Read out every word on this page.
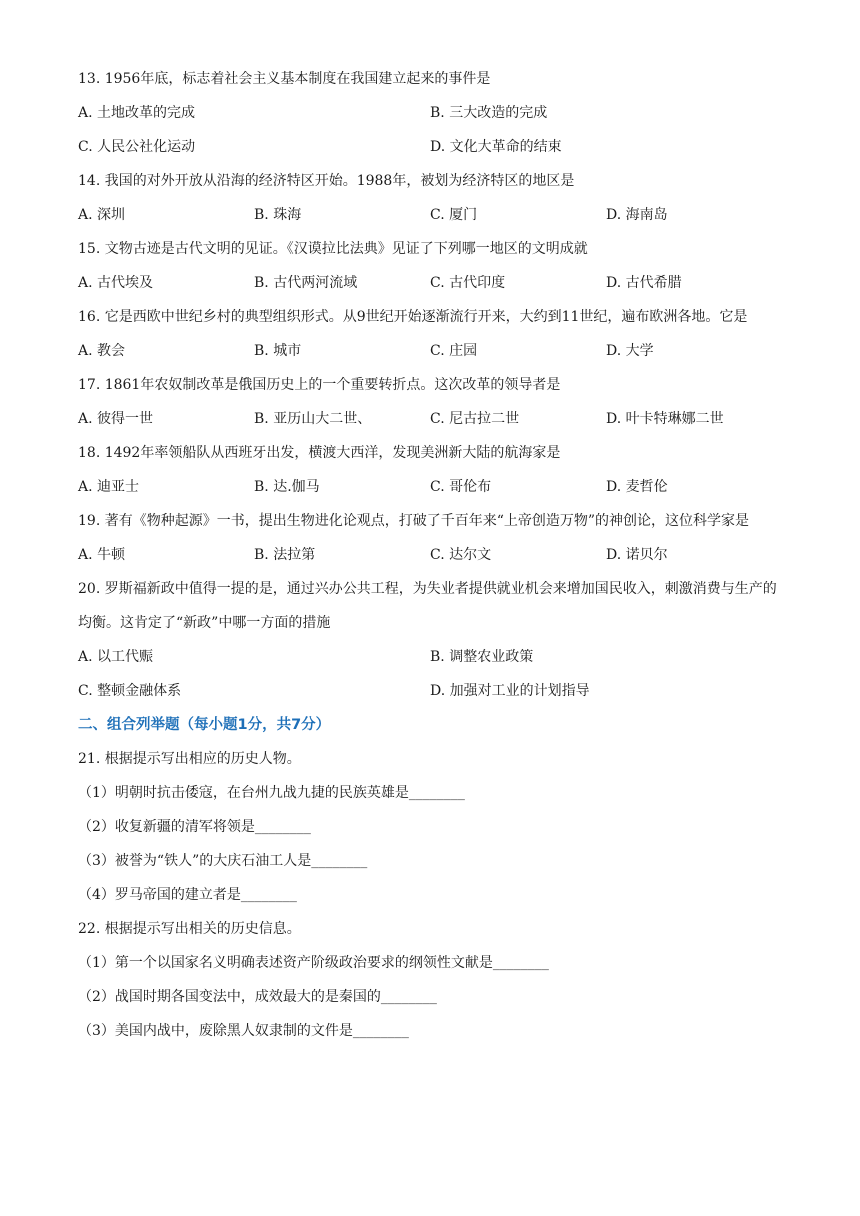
13. 1956年底，标志着社会主义基本制度在我国建立起来的事件是
A. 土地改革的完成	B. 三大改造的完成
C. 人民公社化运动	D. 文化大革命的结束
14. 我国的对外开放从沿海的经济特区开始。1988年，被划为经济特区的地区是
A. 深圳	B. 珠海	C. 厦门	D. 海南岛
15. 文物古迹是古代文明的见证。《汉谟拉比法典》见证了下列哪一地区的文明成就
A. 古代埃及	B. 古代两河流域	C. 古代印度	D. 古代希腊
16. 它是西欧中世纪乡村的典型组织形式。从9世纪开始逐渐流行开来，大约到11世纪，遍布欧洲各地。它是
A. 教会	B. 城市	C. 庄园	D. 大学
17. 1861年农奴制改革是俄国历史上的一个重要转折点。这次改革的领导者是
A. 彼得一世	B. 亚历山大二世、	C. 尼古拉二世	D. 叶卡特琳娜二世
18. 1492年率领船队从西班牙出发，横渡大西洋，发现美洲新大陆的航海家是
A. 迪亚士	B. 达.伽马	C. 哥伦布	D. 麦哲伦
19. 著有《物种起源》一书，提出生物进化论观点，打破了千百年来“上帝创造万物”的神创论，这位科学家是
A. 牛顿	B. 法拉第	C. 达尔文	D. 诺贝尔
20. 罗斯福新政中值得一提的是，通过兴办公共工程，为失业者提供就业机会来增加国民收入，刺激消费与生产的均衡。这肯定了“新政”中哪一方面的措施
A. 以工代赈	B. 调整农业政策
C. 整顿金融体系	D. 加强对工业的计划指导
二、组合列举题（每小题1分，共7分）
21. 根据提示写出相应的历史人物。
（1）明朝时抗击倭寇，在台州九战九捷的民族英雄是________
（2）收复新疆的清军将领是________
（3）被誉为“铁人”的大庆石油工人是________
（4）罗马帝国的建立者是________
22. 根据提示写出相关的历史信息。
（1）第一个以国家名义明确表述资产阶级政治要求的纲领性文献是________
（2）战国时期各国变法中，成效最大的是秦国的________
（3）美国内战中，废除黑人奴隶制的文件是________
